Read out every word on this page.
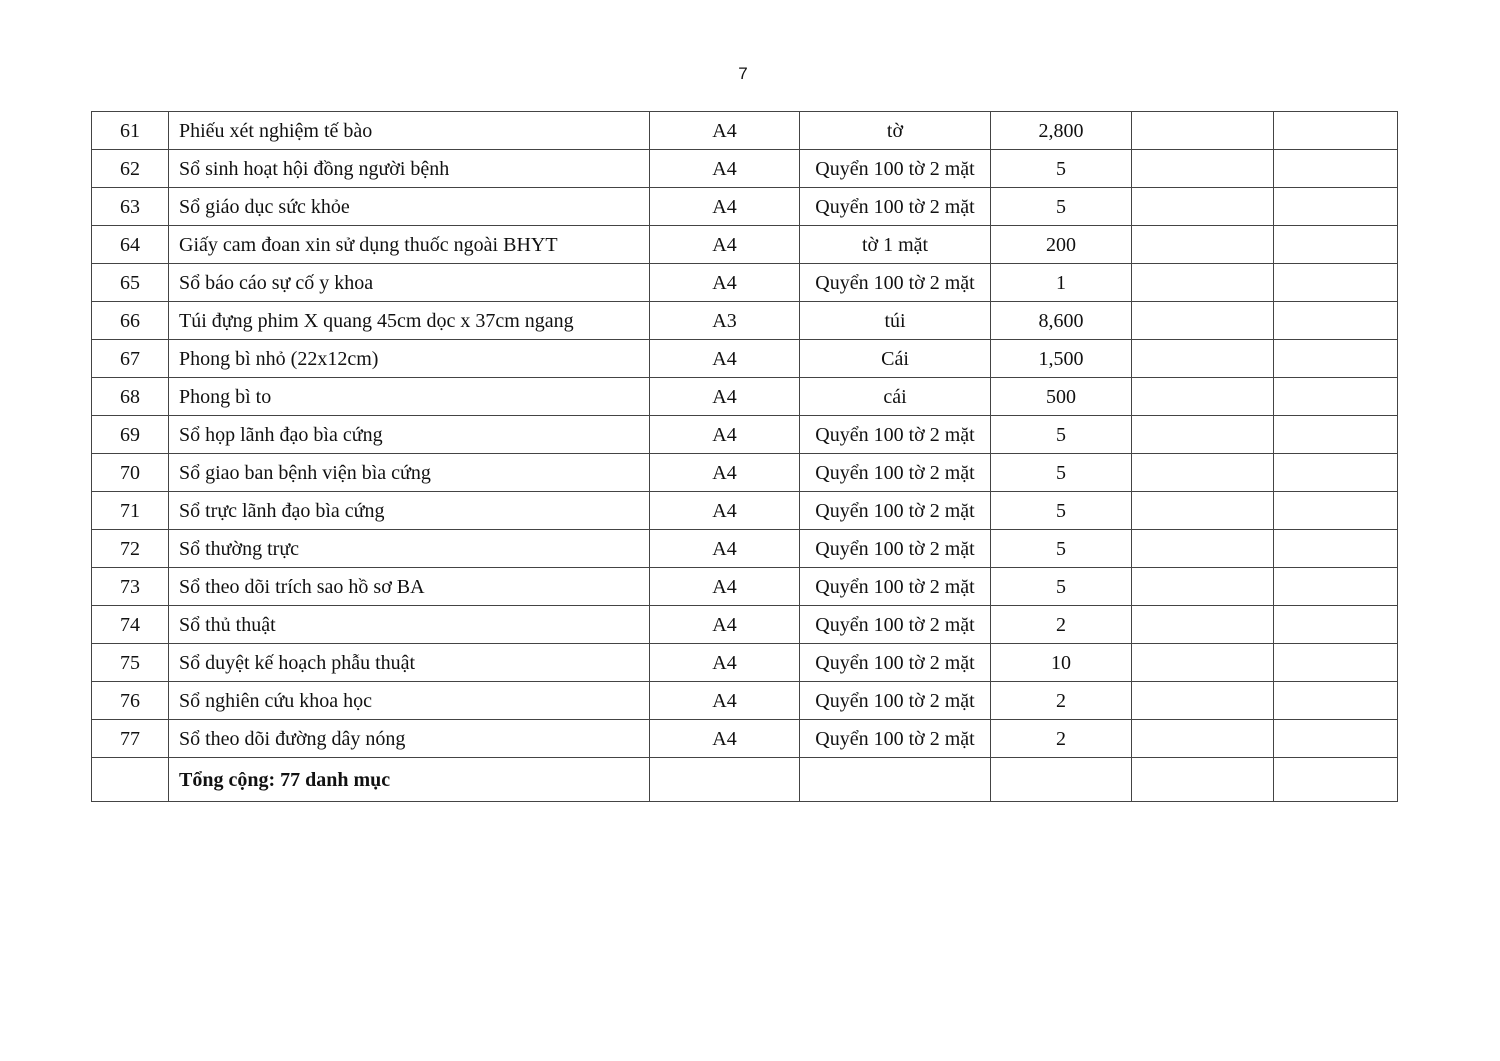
7
61	Phiếu xét nghiệm tế bào	A4	tờ	2,800		
62	Sổ sinh hoạt hội đồng người bệnh	A4	Quyển 100 tờ 2 mặt	5		
63	Sổ giáo dục sức khỏe	A4	Quyển 100 tờ 2 mặt	5		
64	Giấy cam đoan xin sử dụng thuốc ngoài BHYT	A4	tờ 1 mặt	200		
65	Sổ báo cáo sự cố y khoa	A4	Quyển 100 tờ 2 mặt	1		
66	Túi đựng phim X quang 45cm dọc x 37cm ngang	A3	túi	8,600		
67	Phong bì nhỏ (22x12cm)	A4	Cái	1,500		
68	Phong bì to	A4	cái	500		
69	Sổ họp lãnh đạo bìa cứng	A4	Quyển 100 tờ 2 mặt	5		
70	Sổ giao ban bệnh viện bìa cứng	A4	Quyển 100 tờ 2 mặt	5		
71	Sổ trực lãnh đạo bìa cứng	A4	Quyển 100 tờ 2 mặt	5		
72	Sổ thường trực	A4	Quyển 100 tờ 2 mặt	5		
73	Sổ theo dõi trích sao hồ sơ BA	A4	Quyển 100 tờ 2 mặt	5		
74	Sổ thủ thuật	A4	Quyển 100 tờ 2 mặt	2		
75	Sổ duyệt kế hoạch phẫu thuật	A4	Quyển 100 tờ 2 mặt	10		
76	Sổ nghiên cứu khoa học	A4	Quyển 100 tờ 2 mặt	2		
77	Sổ theo dõi đường dây nóng	A4	Quyển 100 tờ 2 mặt	2		
	Tổng cộng: 77 danh mục					
